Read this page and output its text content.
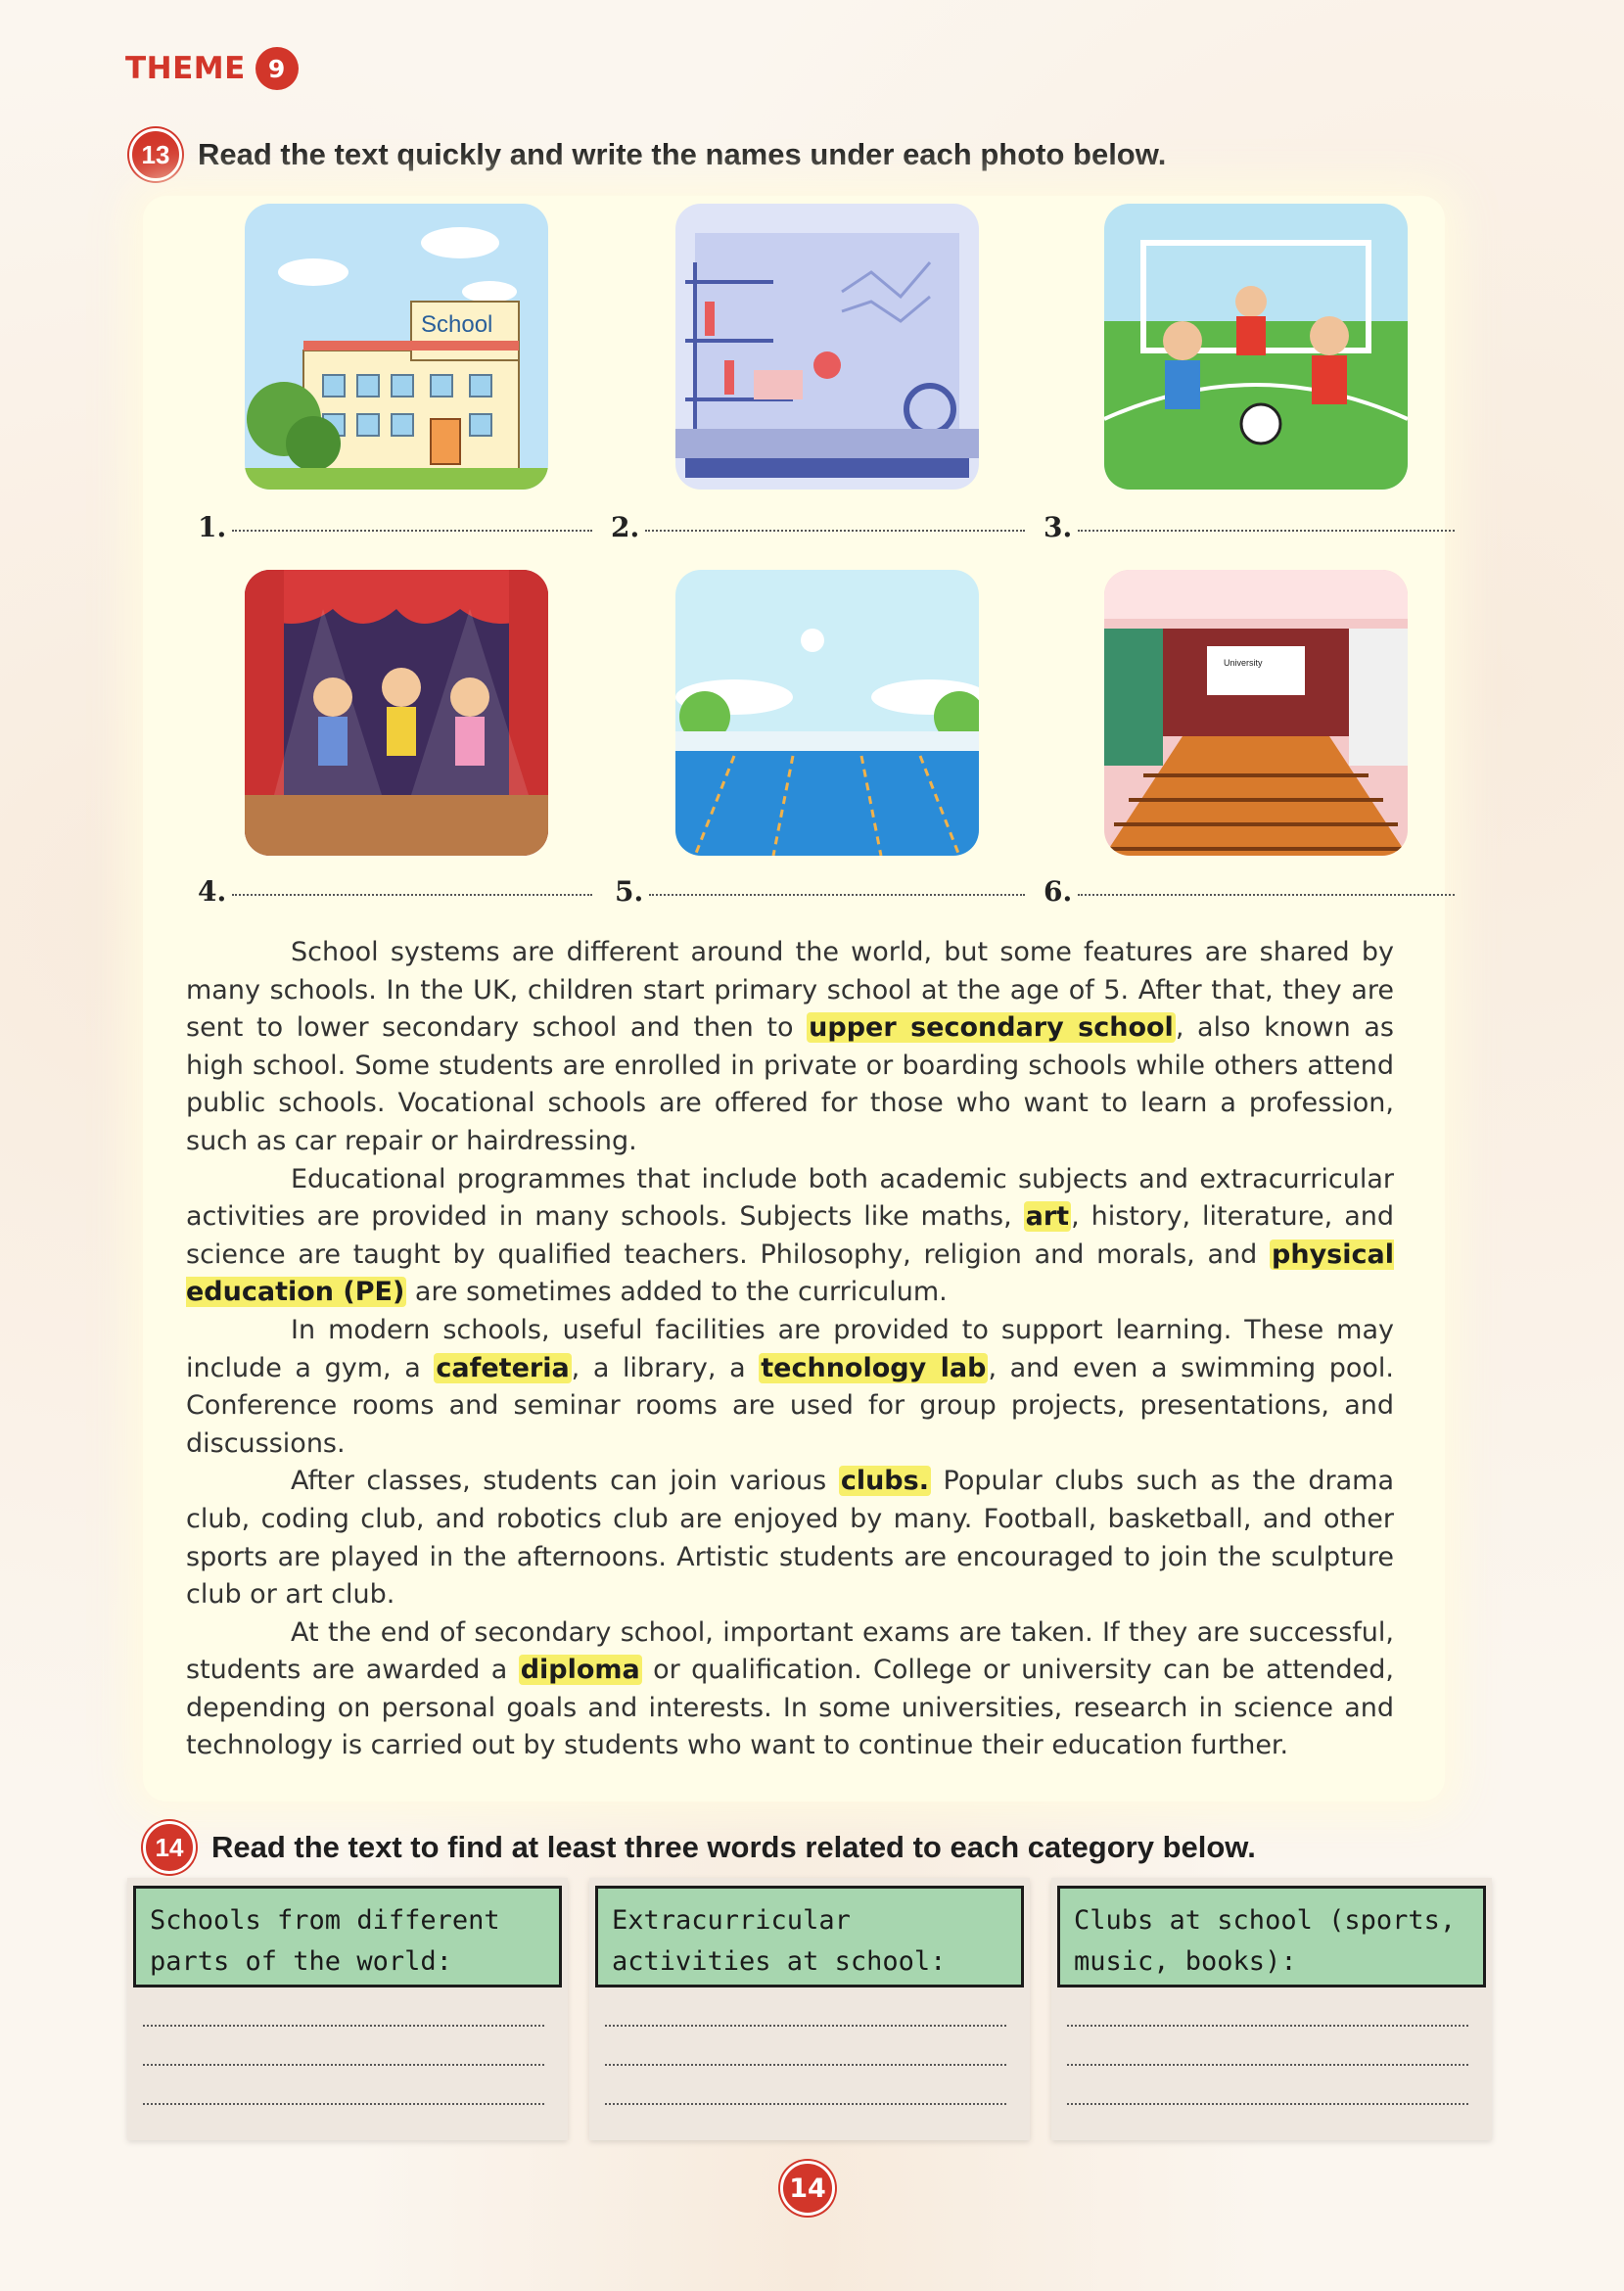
THEME 9
13 Read the text quickly and write the names under each photo below.
School
University
1.	2.	3.
4.	5.	6.

School systems are different around the world, but some features are shared by many schools. In the UK, children start primary school at the age of 5. After that, they are sent to lower secondary school and then to upper secondary school, also known as high school. Some students are enrolled in private or boarding schools while others attend public schools. Vocational schools are offered for those who want to learn a profession, such as car repair or hairdressing.

Educational programmes that include both academic subjects and extracurricular activities are provided in many schools. Subjects like maths, art, history, literature, and science are taught by qualified teachers. Philosophy, religion and morals, and physical education (PE) are sometimes added to the curriculum.

In modern schools, useful facilities are provided to support learning. These may include a gym, a cafeteria, a library, a technology lab, and even a swimming pool. Conference rooms and seminar rooms are used for group projects, presentations, and discussions.

After classes, students can join various clubs. Popular clubs such as the drama club, coding club, and robotics club are enjoyed by many. Football, basketball, and other sports are played in the afternoons. Artistic students are encouraged to join the sculpture club or art club.

At the end of secondary school, important exams are taken. If they are successful, students are awarded a diploma or qualification. College or university can be attended, depending on personal goals and interests. In some universities, research in science and technology is carried out by students who want to continue their education further.

14 Read the text to find at least three words related to each category below.
Schools from different parts of the world:
Extracurricular activities at school:
Clubs at school (sports, music, books):
14
